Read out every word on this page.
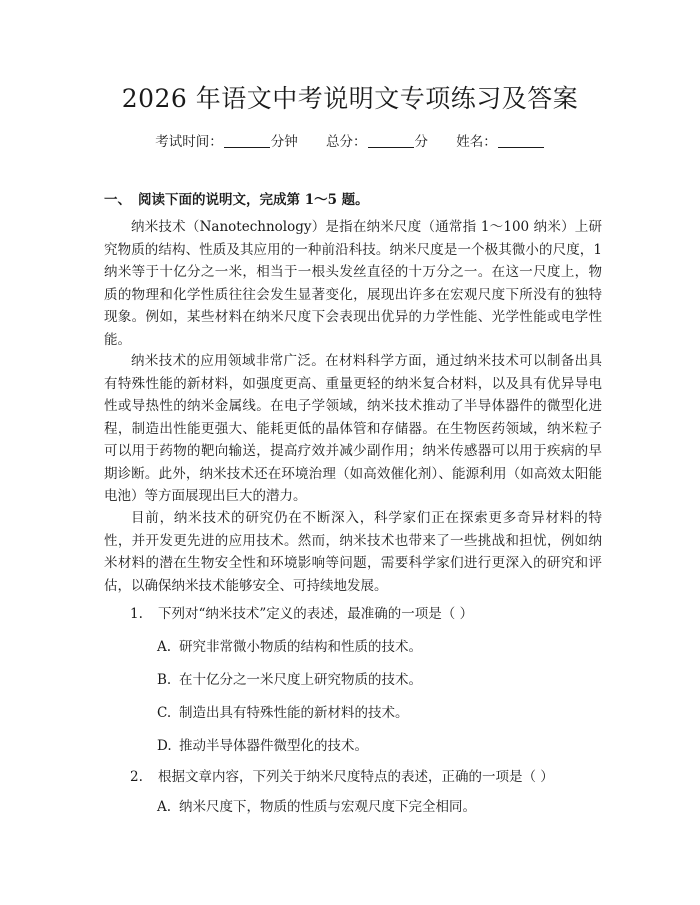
2026 年语文中考说明文专项练习及答案
考试时间：	分钟 总分：	分 姓名：
一、 阅读下面的说明文，完成第 1～5 题。

纳米技术（Nanotechnology）是指在纳米尺度（通常指 1～100 纳米）上研究物质的结构、性质及其应用的一种前沿科技。纳米尺度是一个极其微小的尺度，1 纳米等于十亿分之一米，相当于一根头发丝直径的十万分之一。在这一尺度上，物质的物理和化学性质往往会发生显著变化，展现出许多在宏观尺度下所没有的独特现象。例如，某些材料在纳米尺度下会表现出优异的力学性能、光学性能或电学性能。

纳米技术的应用领域非常广泛。在材料科学方面，通过纳米技术可以制备出具有特殊性能的新材料，如强度更高、重量更轻的纳米复合材料，以及具有优异导电性或导热性的纳米金属线。在电子学领域，纳米技术推动了半导体器件的微型化进程，制造出性能更强大、能耗更低的晶体管和存储器。在生物医药领域，纳米粒子可以用于药物的靶向输送，提高疗效并减少副作用；纳米传感器可以用于疾病的早期诊断。此外，纳米技术还在环境治理（如高效催化剂）、能源利用（如高效太阳能电池）等方面展现出巨大的潜力。

目前，纳米技术的研究仍在不断深入，科学家们正在探索更多奇异材料的特性，并开发更先进的应用技术。然而，纳米技术也带来了一些挑战和担忧，例如纳米材料的潜在生物安全性和环境影响等问题，需要科学家们进行更深入的研究和评估，以确保纳米技术能够安全、可持续地发展。

1. 下列对“纳米技术”定义的表述，最准确的一项是（ ）
A. 研究非常微小物质的结构和性质的技术。
B. 在十亿分之一米尺度上研究物质的技术。
C. 制造出具有特殊性能的新材料的技术。
D. 推动半导体器件微型化的技术。
2. 根据文章内容，下列关于纳米尺度特点的表述，正确的一项是（ ）
A. 纳米尺度下，物质的性质与宏观尺度下完全相同。
